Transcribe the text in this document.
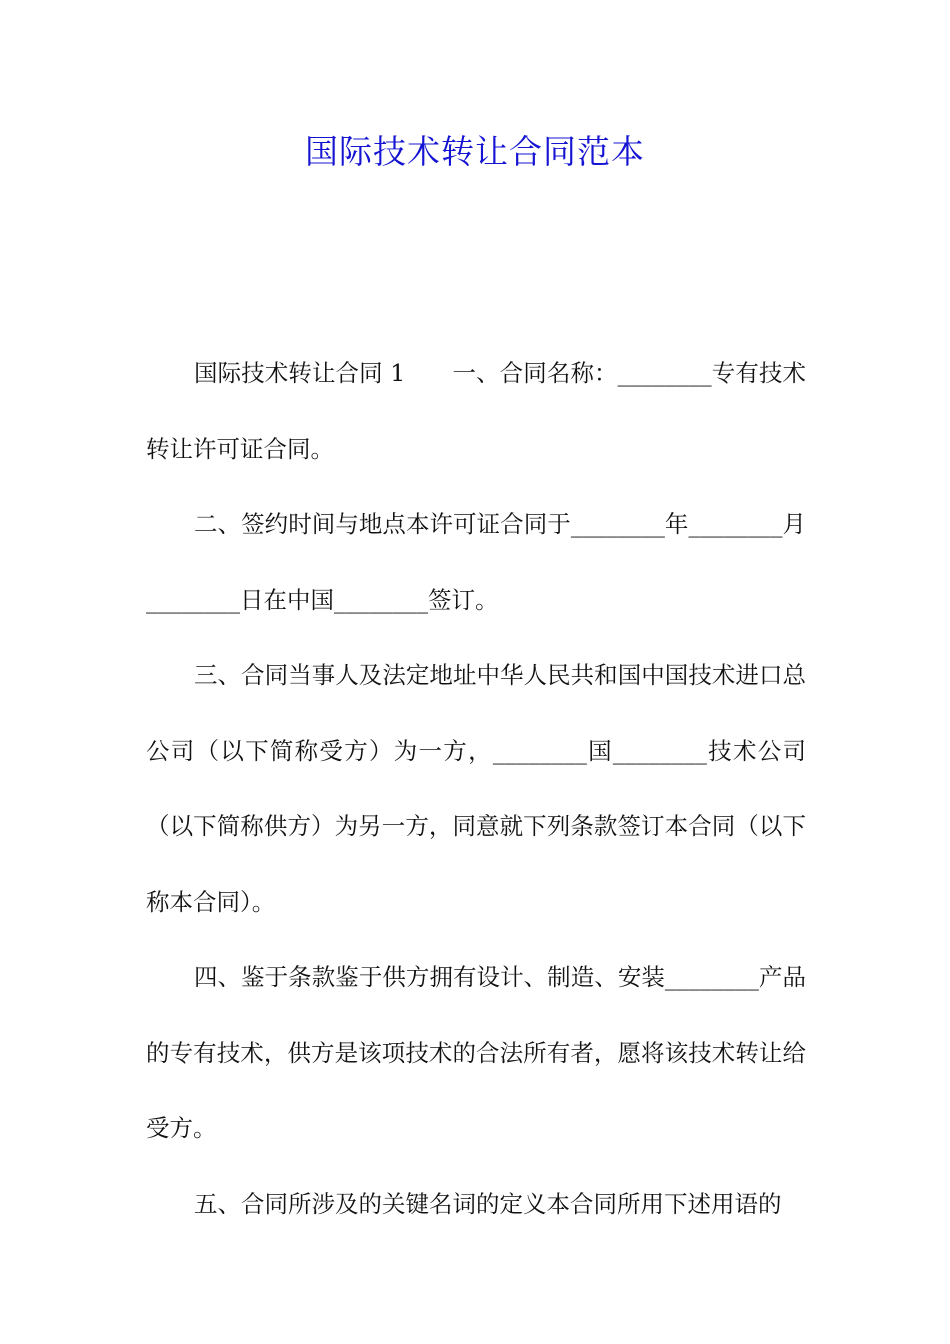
国际技术转让合同范本

国际技术转让合同 1　　一、合同名称：________专有技术转让许可证合同。

二、签约时间与地点本许可证合同于________年________月________日在中国________签订。

三、合同当事人及法定地址中华人民共和国中国技术进口总公司（以下简称受方）为一方，________国________技术公司（以下简称供方）为另一方，同意就下列条款签订本合同（以下称本合同）。

四、鉴于条款鉴于供方拥有设计、制造、安装________产品的专有技术，供方是该项技术的合法所有者，愿将该技术转让给受方。

五、合同所涉及的关键名词的定义本合同所用下述用语的
